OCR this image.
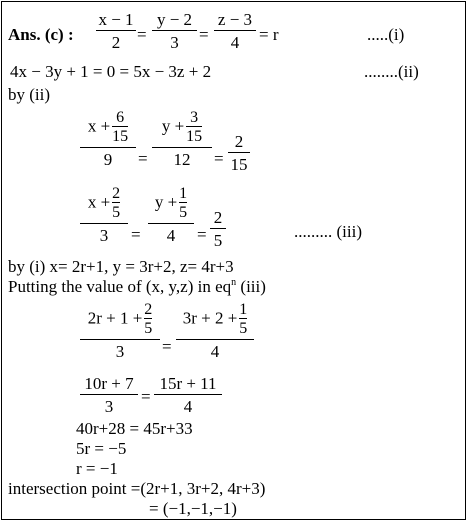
Ans. (c) : $\frac{x - 1}{2} = \frac{y - 2}{3} = \frac{z - 3}{4} = r$	.....(i)
4x − 3y + 1 = 0 = 5x − 3z + 2	........(ii)
by (ii)
$\frac{x + \frac{6}{15}}{9} = \frac{y + \frac{3}{15}}{12} = \frac{2}{15}$
$\frac{x + \frac{2}{5}}{3} = \frac{y + \frac{1}{5}}{4} = \frac{2}{5}$	......... (iii)
by (i) x= 2r+1, y = 3r+2, z= 4r+3
Putting the value of (x, y,z) in $eq^n$ (iii)
$\frac{2r + 1 + \frac{2}{5}}{3} = \frac{3r + 2 + \frac{1}{5}}{4}$
$\frac{10r + 7}{3} = \frac{15r + 11}{4}$
40r+28 = 45r+33
5r = −5
r = −1
intersection point =(2r+1, 3r+2, 4r+3)
= (−1,−1,−1)
